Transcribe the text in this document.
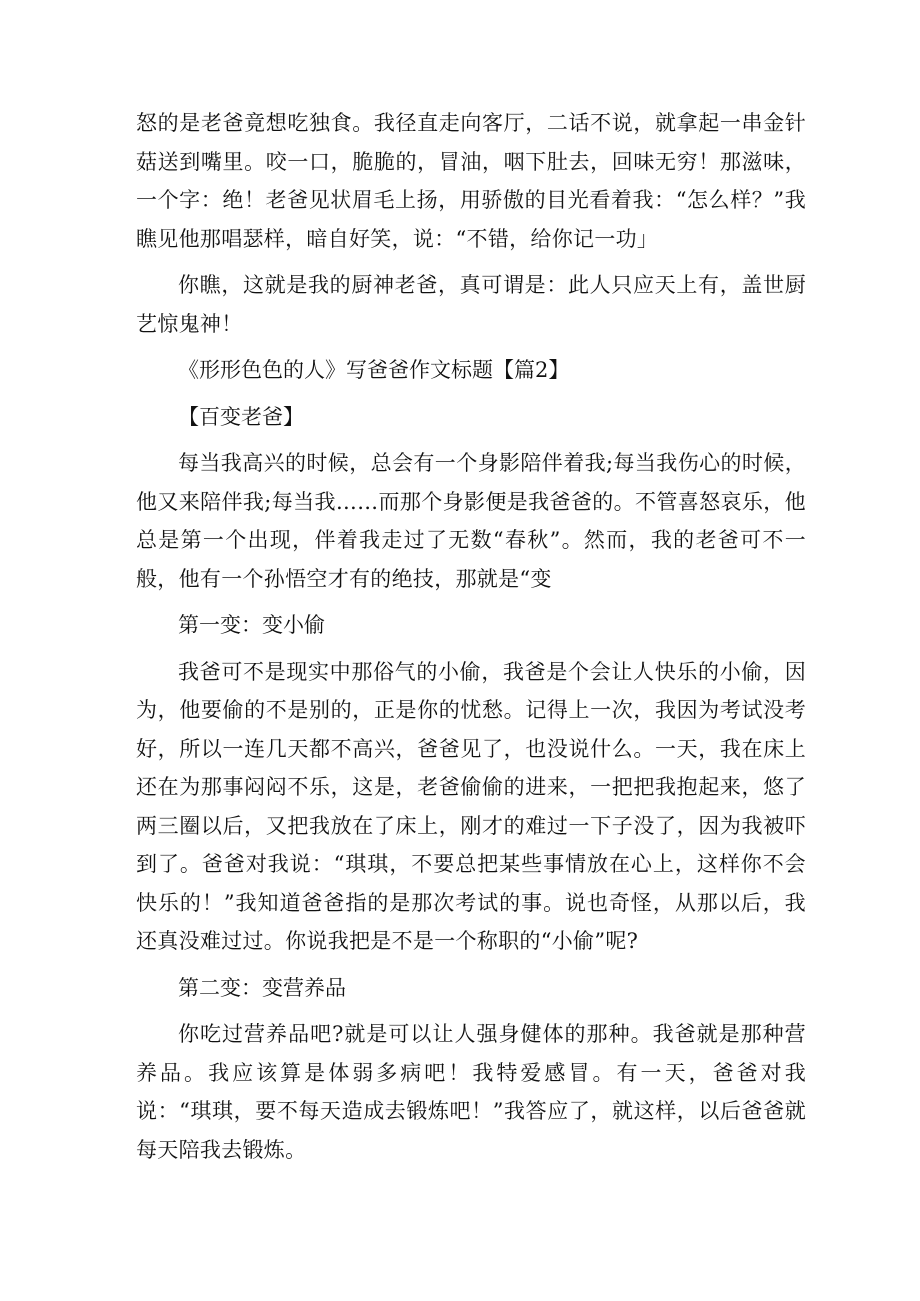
怒的是老爸竟想吃独食。我径直走向客厅，二话不说，就拿起一串金针菇送到嘴里。咬一口，脆脆的，冒油，咽下肚去，回味无穷！那滋味，一个字：绝！老爸见状眉毛上扬，用骄傲的目光看着我：“怎么样？”我瞧见他那唱瑟样，暗自好笑，说：“不错，给你记一功」

你瞧，这就是我的厨神老爸，真可谓是：此人只应天上有，盖世厨艺惊鬼神！

《形形色色的人》写爸爸作文标题【篇2】

【百变老爸】

每当我高兴的时候，总会有一个身影陪伴着我;每当我伤心的时候，他又来陪伴我;每当我……而那个身影便是我爸爸的。不管喜怒哀乐，他总是第一个出现，伴着我走过了无数“春秋”。然而，我的老爸可不一般，他有一个孙悟空才有的绝技，那就是“变

第一变：变小偷

我爸可不是现实中那俗气的小偷，我爸是个会让人快乐的小偷，因为，他要偷的不是别的，正是你的忧愁。记得上一次，我因为考试没考好，所以一连几天都不高兴，爸爸见了，也没说什么。一天，我在床上还在为那事闷闷不乐，这是，老爸偷偷的进来，一把把我抱起来，悠了两三圈以后，又把我放在了床上，刚才的难过一下子没了，因为我被吓到了。爸爸对我说：“琪琪，不要总把某些事情放在心上，这样你不会快乐的！”我知道爸爸指的是那次考试的事。说也奇怪，从那以后，我还真没难过过。你说我把是不是一个称职的“小偷”呢?

第二变：变营养品

你吃过营养品吧?就是可以让人强身健体的那种。我爸就是那种营养品。我应该算是体弱多病吧！我特爱感冒。有一天，爸爸对我说：“琪琪，要不每天造成去锻炼吧！”我答应了，就这样，以后爸爸就每天陪我去锻炼。
